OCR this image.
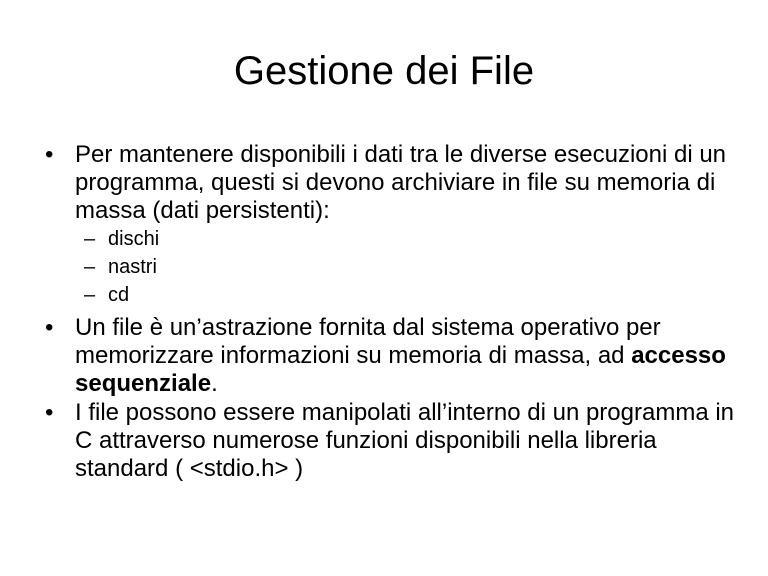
Gestione dei File
• Per mantenere disponibili i dati tra le diverse esecuzioni di un programma, questi si devono archiviare in file su memoria di massa (dati persistenti):
– dischi
– nastri
– cd
• Un file è un’astrazione fornita dal sistema operativo per memorizzare informazioni su memoria di massa, ad accesso sequenziale.
• I file possono essere manipolati all’interno di un programma in C attraverso numerose funzioni disponibili nella libreria standard ( <stdio.h> )
